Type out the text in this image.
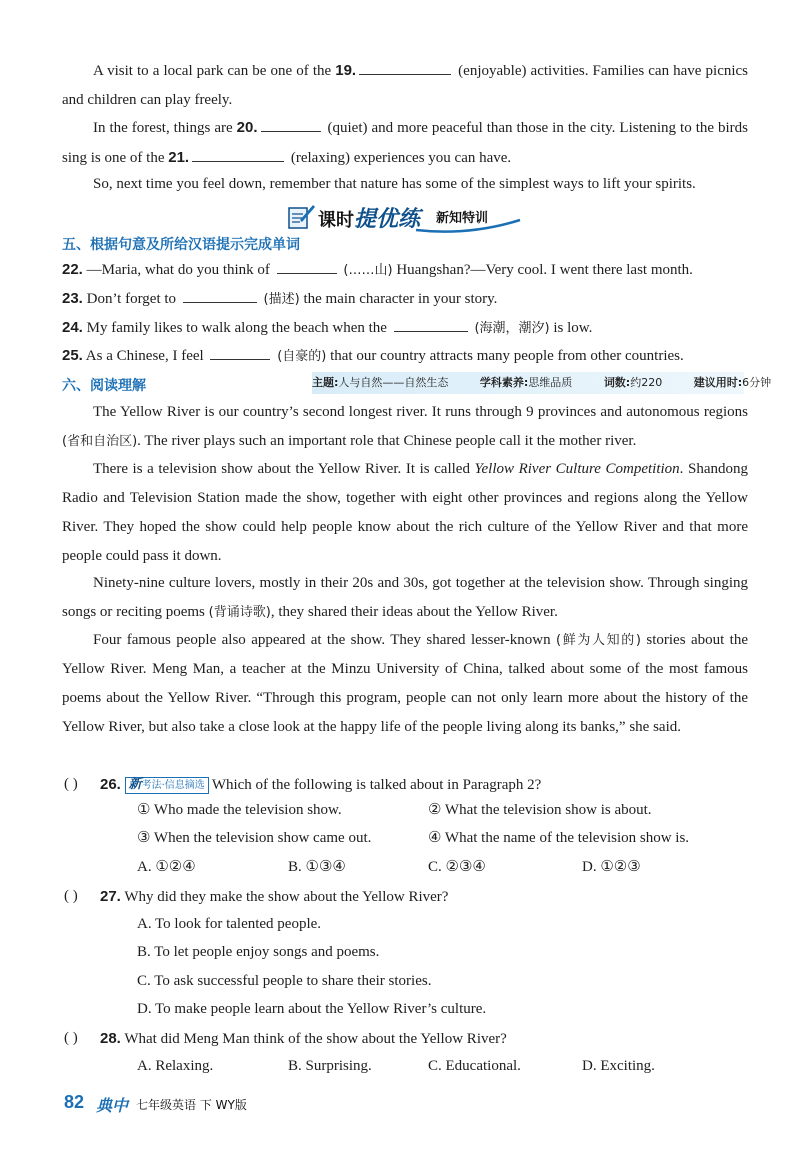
A visit to a local park can be one of the 19.	(enjoyable) activities. Families can have picnics and children can play freely.

In the forest, things are 20.	(quiet) and more peaceful than those in the city. Listening to the birds sing is one of the 21.	(relaxing) experiences you can have.

So, next time you feel down, remember that nature has some of the simplest ways to lift your spirits.

课时提优练 新知特训
五、根据句意及所给汉语提示完成单词

22. —Maria, what do you think of	(……山) Huangshan?—Very cool. I went there last month.

23. Don’t forget to	(描述) the main character in your story.

24. My family likes to walk along the beach when the	(海潮，潮汐) is low.

25. As a Chinese, I feel	(自豪的) that our country attracts many people from other countries.

六、阅读理解	主题:人与自然——自然生态	学科素养:思维品质	词数:约220	建议用时:6分钟

The Yellow River is our country’s second longest river. It runs through 9 provinces and autonomous regions (省和自治区). The river plays such an important role that Chinese people call it the mother river.

There is a television show about the Yellow River. It is called Yellow River Culture Competition. Shandong Radio and Television Station made the show, together with eight other provinces and regions along the Yellow River. They hoped the show could help people know about the rich culture of the Yellow River and that more people could pass it down.

Ninety-nine culture lovers, mostly in their 20s and 30s, got together at the television show. Through singing songs or reciting poems (背诵诗歌), they shared their ideas about the Yellow River.

Four famous people also appeared at the show. They shared lesser-known (鲜为人知的) stories about the Yellow River. Meng Man, a teacher at the Minzu University of China, talked about some of the most famous poems about the Yellow River. “Through this program, people can not only learn more about the history of the Yellow River, but also take a close look at the happy life of the people living along its banks,” she said.

( ) 26. 新考法·信息摘选 Which of the following is talked about in Paragraph 2?
① Who made the television show.	② What the television show is about.
③ When the television show came out.	④ What the name of the television show is.
A. ①②④	B. ①③④	C. ②③④	D. ①②③
( ) 27. Why did they make the show about the Yellow River?
A. To look for talented people.
B. To let people enjoy songs and poems.
C. To ask successful people to share their stories.
D. To make people learn about the Yellow River’s culture.
( ) 28. What did Meng Man think of the show about the Yellow River?
A. Relaxing.	B. Surprising.	C. Educational.	D. Exciting.
82 典中 七年级英语 下 WY版
